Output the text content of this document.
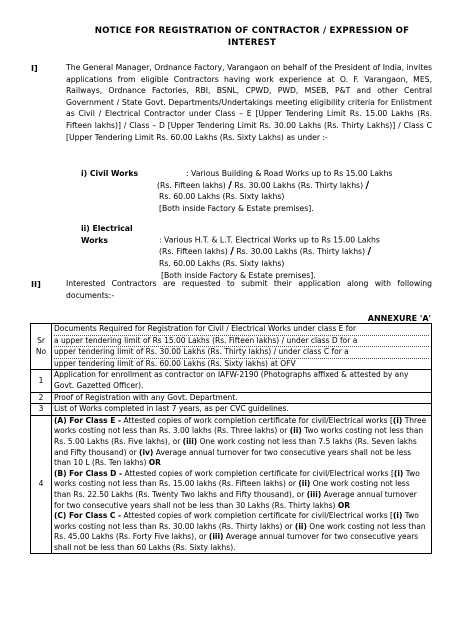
NOTICE FOR REGISTRATION OF CONTRACTOR / EXPRESSION OF
INTEREST
I]	The General Manager, Ordnance Factory, Varangaon on behalf of the President of India, invites applications from eligible Contractors having work experience at O. F. Varangaon, MES, Railways, Ordnance Factories, RBI, BSNL, CPWD, PWD, MSEB, P&T and other Central Government / State Govt. Departments/Undertakings meeting eligibility criteria for Enlistment as Civil / Electrical Contractor under Class – E [Upper Tendering Limit Rs. 15.00 Lakhs (Rs. Fifteen lakhs)] / Class – D [Upper Tendering Limit Rs. 30.00 Lakhs (Rs. Thirty Lakhs)] / Class C [Upper Tendering Limit Rs. 60.00 Lakhs (Rs. Sixty Lakhs) as under :-
i) Civil Works	: Various Building & Road Works up to Rs 15.00 Lakhs
(Rs. Fifteen lakhs) / Rs. 30.00 Lakhs (Rs. Thirty lakhs) /
Rs. 60.00 Lakhs (Rs. Sixty lakhs)
[Both inside Factory & Estate premises].
ii) Electrical Works	: Various H.T. & L.T. Electrical Works up to Rs 15.00 Lakhs
(Rs. Fifteen lakhs) / Rs. 30.00 Lakhs (Rs. Thirty lakhs) /
Rs. 60.00 Lakhs (Rs. Sixty lakhs)
[Both inside Factory & Estate premises].
II]	Interested Contractors are requested to submit their application along with following documents:-
ANNEXURE 'A'
Sr No	Documents Required for Registration for Civil / Electrical Works under class E for
a upper tendering limit of Rs 15.00 Lakhs (Rs. Fifteen lakhs) / under class D for a
upper tendering limit of Rs. 30.00 Lakhs (Rs. Thirty lakhs) / under class C for a
upper tendering limit of Rs. 60.00 Lakhs (Rs. Sixty lakhs) at OFV

1	Application for enrollment as contractor on IAFW-2190 (Photographs affixed & attested by any Govt. Gazetted Officer).
2	Proof of Registration with any Govt. Department.
3	List of Works completed in last 7 years, as per CVC guidelines.
4	(A) For Class E - Attested copies of work completion certificate for civil/Electrical works [(i) Three works costing not less than Rs. 3.00 lakhs (Rs. Three lakhs) or (ii) Two works costing not less than Rs. 5.00 Lakhs (Rs. Five lakhs), or (iii) One work costing not less than 7.5 lakhs (Rs. Seven lakhs and Fifty thousand) or (iv) Average annual turnover for two consecutive years shall not be less than 10 L (Rs. Ten lakhs) OR
(B) For Class D - Attested copies of work completion certificate for civil/Electrical works [(i) Two works costing not less than Rs. 15.00 lakhs (Rs. Fifteen lakhs) or (ii) One work costing not less than Rs. 22.50 Lakhs (Rs. Twenty Two lakhs and Fifty thousand), or (iii) Average annual turnover for two consecutive years shall not be less than 30 Lakhs (Rs. Thirty lakhs) OR
(C) For Class C - Attested copies of work completion certificate for civil/Electrical works [(i) Two works costing not less than Rs. 30.00 lakhs (Rs. Thirty lakhs) or (ii) One work costing not less than Rs. 45.00 Lakhs (Rs. Forty Five lakhs), or (iii) Average annual turnover for two consecutive years shall not be less than 60 Lakhs (Rs. Sixty lakhs).
